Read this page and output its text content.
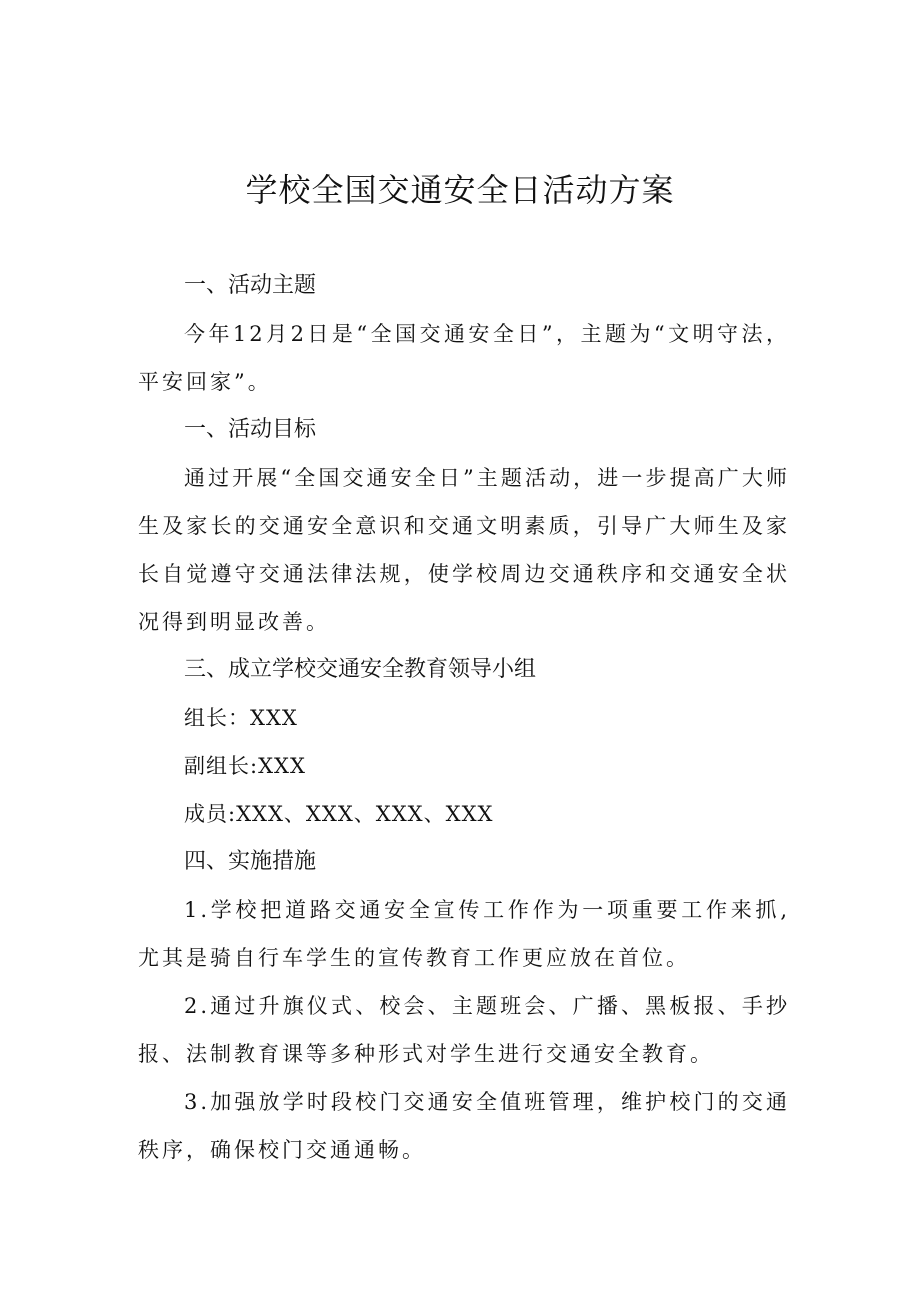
学校全国交通安全日活动方案

一、活动主题

今年12月2日是“全国交通安全日”，主题为“文明守法，平安回家”。

一、活动目标

通过开展“全国交通安全日”主题活动，进一步提高广大师生及家长的交通安全意识和交通文明素质，引导广大师生及家长自觉遵守交通法律法规，使学校周边交通秩序和交通安全状况得到明显改善。

三、成立学校交通安全教育领导小组

组长：XXX

副组长:XXX

成员:XXX、XXX、XXX、XXX

四、实施措施

1.学校把道路交通安全宣传工作作为一项重要工作来抓,尤其是骑自行车学生的宣传教育工作更应放在首位。

2.通过升旗仪式、校会、主题班会、广播、黑板报、手抄报、法制教育课等多种形式对学生进行交通安全教育。

3.加强放学时段校门交通安全值班管理，维护校门的交通秩序，确保校门交通通畅。
